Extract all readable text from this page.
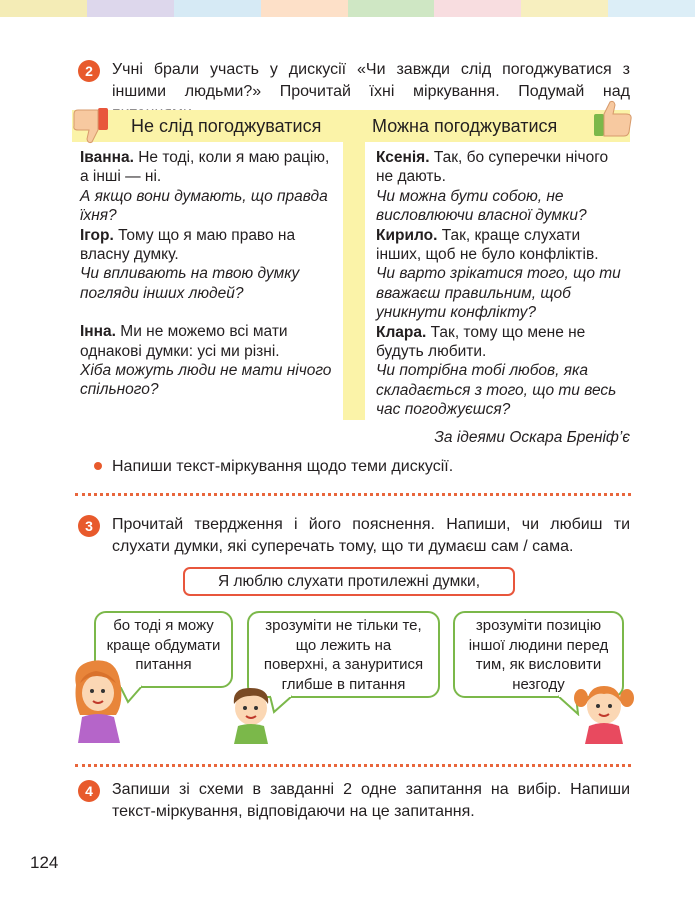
2	Учні брали участь у дискусії «Чи завжди слід погоджуватися з іншими людьми?» Прочитай їхні міркування. Подумай над
Не слід погоджуватися	Можна погоджуватися

Іванна. Не тоді, коли я маю рацію, а інші — ні.

А якщо вони думають, що правда їхня?

Ігор. Тому що я маю право на власну думку.

Чи впливають на твою думку погляди інших людей?

Інна. Ми не можемо всі мати однакові думки: усі ми різні.

Хіба можуть люди не мати нічого спільного?

Ксенія. Так, бо суперечки нічого не дають.

Чи можна бути собою, не висловлюючи власної думки?

Кирило. Так, краще слухати інших, щоб не було конфліктів.

Чи варто зрікатися того, що ти вважаєш правильним, щоб уникнути конфлікту?

Клара. Так, тому що мене не будуть любити.

Чи потрібна тобі любов, яка складається з того, що ти весь час погоджуєшся?

За ідеями Оскара Бреніф’є
Напиши текст-міркування щодо теми дискусії.
3	Прочитай твердження і його пояснення. Напиши, чи любиш ти слухати думки, які суперечать тому, що ти думаєш сам / сама.
Я люблю слухати протилежні думки,
бо тоді я можу краще обдумати питання
зрозуміти не тільки те, що лежить на поверхні, а зануритися глибше в питання
зрозуміти позицію іншої людини перед тим, як висловити незгоду
4	Запиши зі схеми в завданні 2 одне запитання на вибір. Напиши текст-міркування, відповідаючи на це запитання.
124
